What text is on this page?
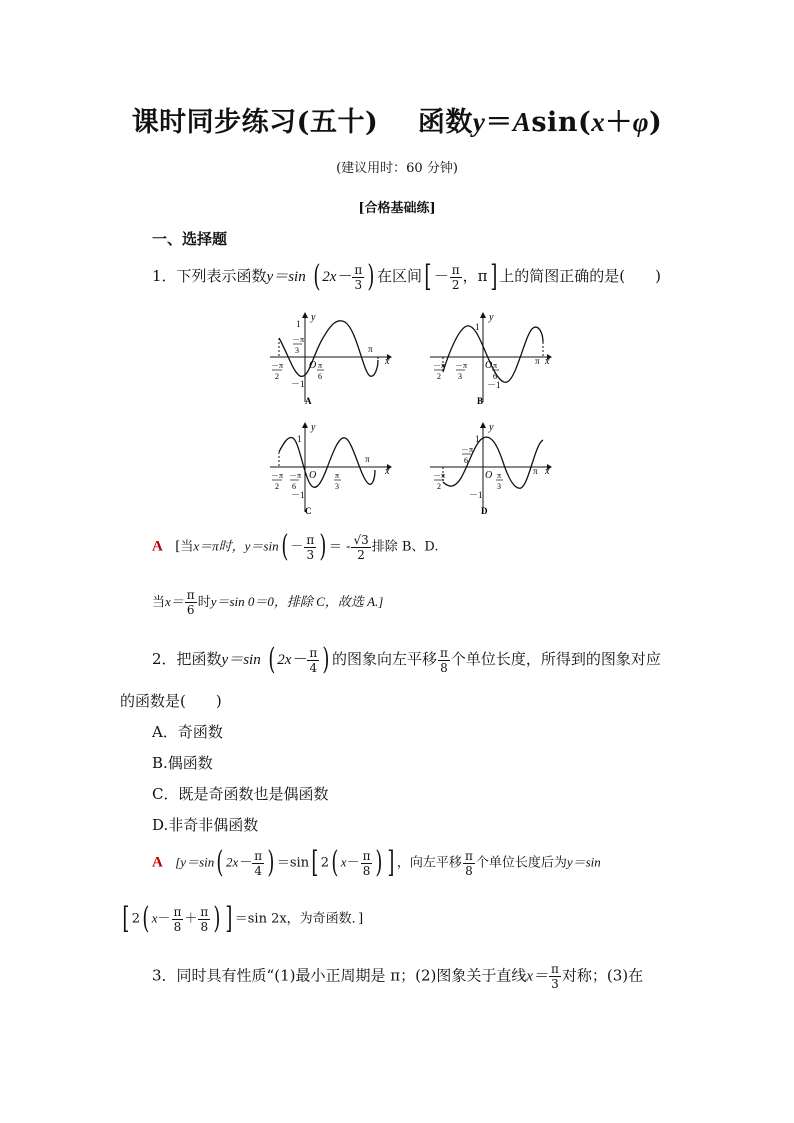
课时同步练习(五十) 函数y＝Asin(x＋φ)
(建议用时：60 分钟)
[合格基础练]
一、选择题
1．下列表示函数y＝sin ( $2x- \frac{\pi}{3}$ ) 在区间[ － $\frac{\pi}{2}$ ，π] 上的简图正确的是(　　)
y
x
1
－1
O
π
－π
3
－π
2
π
6
A
y
x
1
－1
O	π
－π
2
－π
3
π
6
B
y
x
1
－1
O
π
－π
2
－π
6
π
3
C
y
x
1
－1
O	π
－π
6
－π
2
π
3
D
A [当x＝π时，$y=\sin( - \frac{\pi}{3}$ ) ＝ - $\frac{√3}{2}$ 排除 B、D.
当$x= \frac{\pi}{6}$ 时y＝sin 0＝0，排除 C，故选 A.]
2．把函数y＝sin ( $2x- \frac{\pi}{4}$ ) 的图象向左平移 $\frac{\pi}{8}$ 个单位长度，所得到的图象对应
的函数是(　　)
A．奇函数
B.偶函数
C．既是奇函数也是偶函数
D.非奇非偶函数
A [y＝sin( $2x- \frac{\pi}{4}$ ) ＝sin[ 2( $x- \frac{\pi}{8}$ ) ] ，向左平移 $\frac{\pi}{8}$ 个单位长度后为y＝sin
[ 2( $x- \frac{\pi}{8} + \frac{\pi}{8}$ ) ] ＝sin 2x，为奇函数．]
3．同时具有性质“(1)最小正周期是 π；(2)图象关于直线$x= \frac{\pi}{3}$ 对称；(3)在
